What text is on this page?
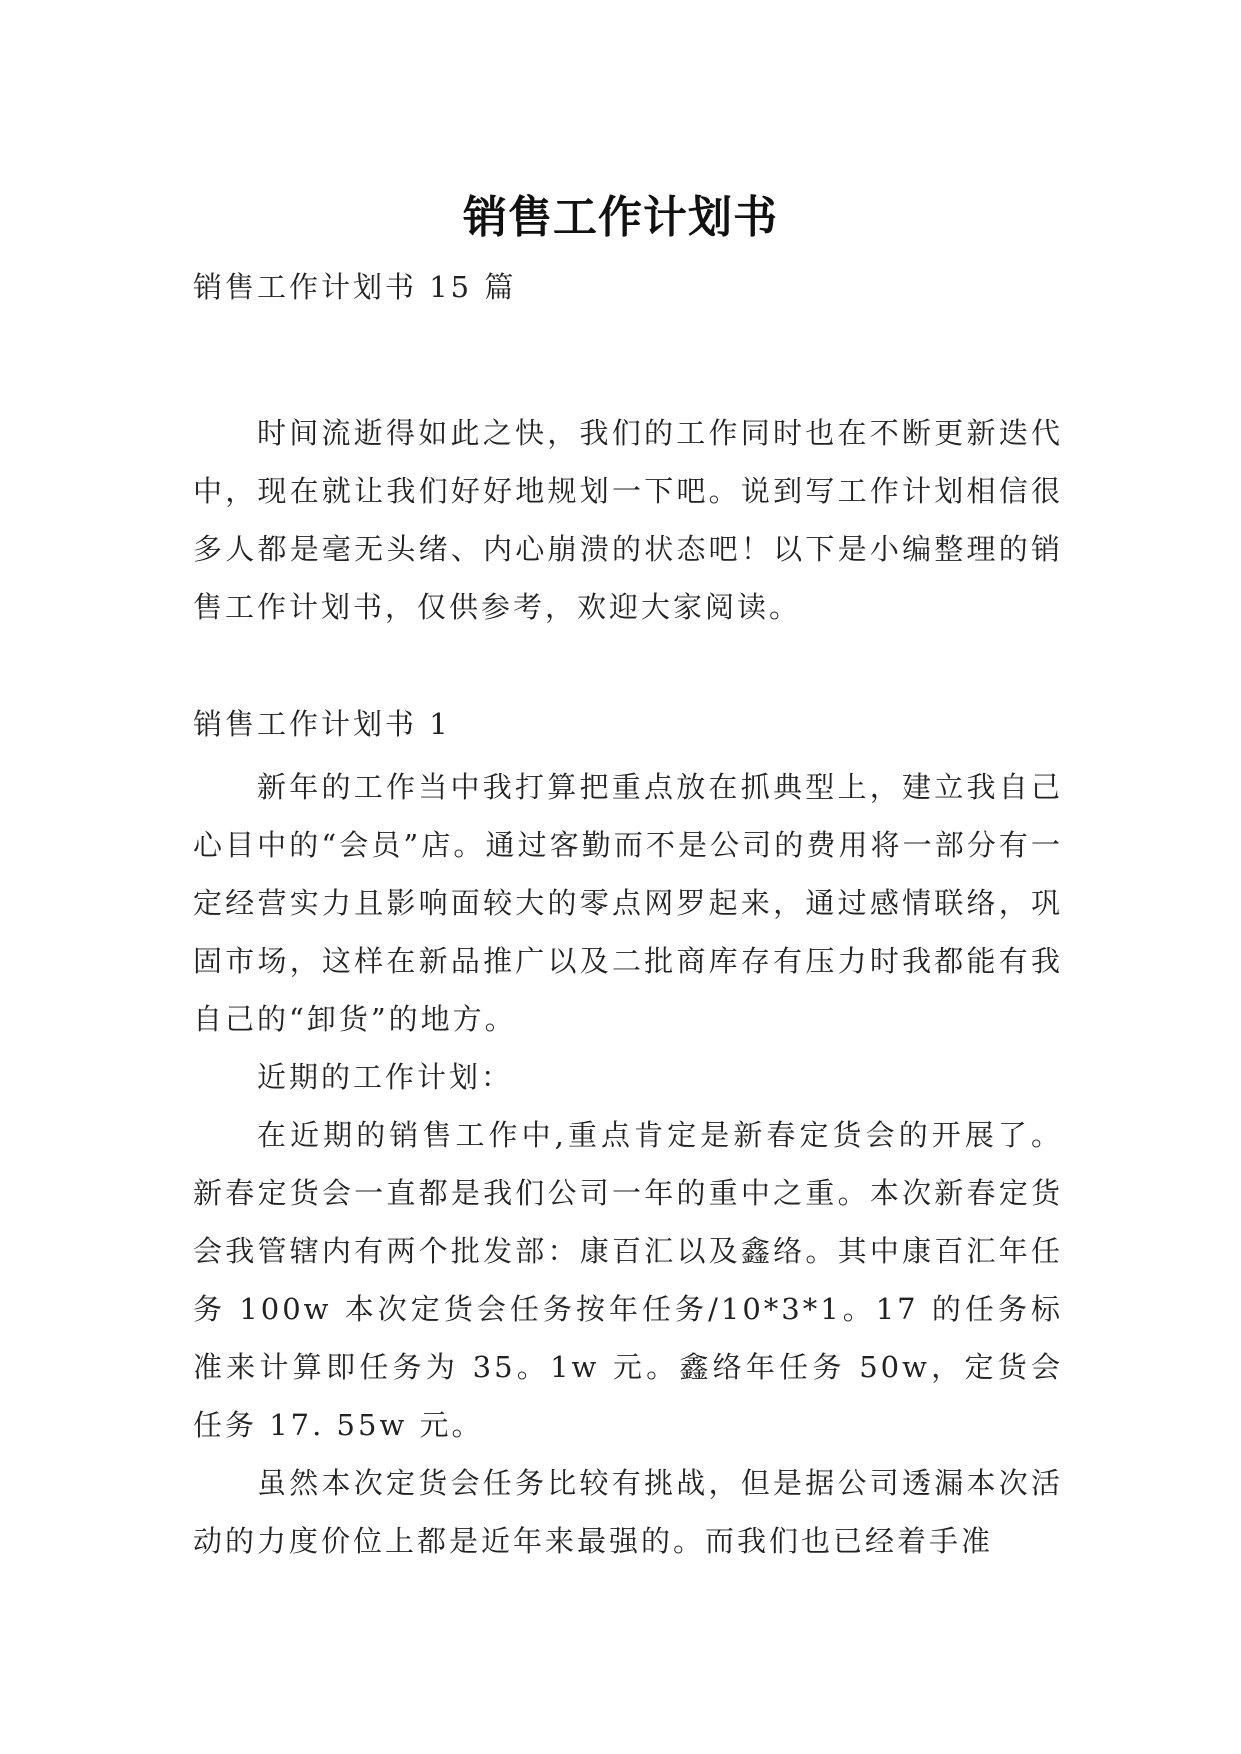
销售工作计划书

销售工作计划书 15 篇

时间流逝得如此之快，我们的工作同时也在不断更新迭代中，现在就让我们好好地规划一下吧。说到写工作计划相信很多人都是毫无头绪、内心崩溃的状态吧！以下是小编整理的销售工作计划书，仅供参考，欢迎大家阅读。

销售工作计划书 1

新年的工作当中我打算把重点放在抓典型上，建立我自己心目中的“会员”店。通过客勤而不是公司的费用将一部分有一定经营实力且影响面较大的零点网罗起来，通过感情联络，巩固市场，这样在新品推广以及二批商库存有压力时我都能有我自己的“卸货”的地方。

近期的工作计划：

在近期的销售工作中,重点肯定是新春定货会的开展了。新春定货会一直都是我们公司一年的重中之重。本次新春定货会我管辖内有两个批发部：康百汇以及鑫络。其中康百汇年任务 100w 本次定货会任务按年任务/10*3*1。17 的任务标准来计算即任务为 35。1w 元。鑫络年任务 50w，定货会任务 17. 55w 元。

虽然本次定货会任务比较有挑战，但是据公司透漏本次活动的力度价位上都是近年来最强的。而我们也已经着手准
